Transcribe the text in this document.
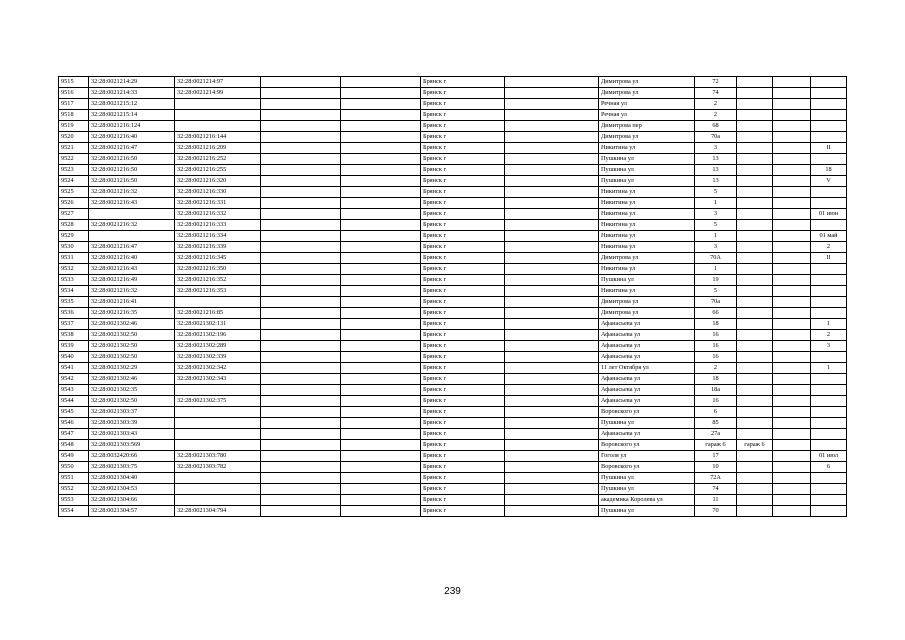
9515	32:28:0021214:29	32:28:0021214:97			Брянск г		Димитрова ул	72			
9516	32:28:0021214:33	32:28:0021214:99			Брянск г		Димитрова ул	74			
9517	32:28:0021215:12				Брянск г		Речная ул	2			
9518	32:28:0021215:14				Брянск г		Речная ул	2			
9519	32:28:0021216:124				Брянск г		Димитрова пер	68			
9520	32:28:0021216:40	32:28:0021216:144			Брянск г		Димитрова ул	70а			
9521	32:28:0021216:47	32:28:0021216:209			Брянск г		Никитина ул	3			II
9522	32:28:0021216:50	32:28:0021216:252			Брянск г		Пушкина ул	13			
9523	32:28:0021216:50	32:28:0021216:255			Брянск г		Пушкина ул	13			18
9524	32:28:0021216:50	32:28:0021216:320			Брянск г		Пушкина ул	13			V
9525	32:28:0021216:32	32:28:0021216:330			Брянск г		Никитина ул	5			
9526	32:28:0021216:43	32:28:0021216:331			Брянск г		Никитина ул	1			
9527		32:28:0021216:332			Брянск г		Никитина ул	3			01 июн
9528	32:28:0021216:32	32:28:0021216:333			Брянск г		Никитина ул	5			
9529		32:28:0021216:334			Брянск г		Никитина ул	1			01 май
9530	32:28:0021216:47	32:28:0021216:339			Брянск г		Никитина ул	3			2
9531	32:28:0021216:40	32:28:0021216:345			Брянск г		Димитрова ул	70А			II
9532	32:28:0021216:43	32:28:0021216:350			Брянск г		Никитина ул	1			
9533	32:28:0021216:49	32:28:0021216:352			Брянск г		Пушкина ул	19			
9534	32:28:0021216:32	32:28:0021216:353			Брянск г		Никитина ул	5			
9535	32:28:0021216:41				Брянск г		Димитрова ул	70а			
9536	32:28:0021216:35	32:28:0021216:85			Брянск г		Димитрова ул	66			
9537	32:28:0021302:46	32:28:0021302:131			Брянск г		Афанасьева ул	18			1
9538	32:28:0021302:50	32:28:0021302:196			Брянск г		Афанасьева ул	16			2
9539	32:28:0021302:50	32:28:0021302:289			Брянск г		Афанасьева ул	16			3
9540	32:28:0021302:50	32:28:0021302:339			Брянск г		Афанасьева ул	16			
9541	32:28:0021302:29	32:28:0021302:342			Брянск г		11 лет Октября ул	2			1
9542	32:28:0021302:46	32:28:0021302:343			Брянск г		Афанасьева ул	18			
9543	32:28:0021302:35				Брянск г		Афанасьева ул	18а			
9544	32:28:0021302:50	32:28:0021302:375			Брянск г		Афанасьева ул	16			
9545	32:28:0021303:37				Брянск г		Воровского ул	6			
9546	32:28:0021303:39				Брянск г		Пушкина ул	85			
9547	32:28:0021303:43				Брянск г		Афанасьева ул	27а			
9548	32:28:0021303:569				Брянск г		Воровского ул	гараж 6	гараж 6		
9549	32:28:0032420:66	32:28:0021303:780			Брянск г		Гоголя ул	17			01 июл
9550	32:28:0021303:75	32:28:0021303:782			Брянск г		Воровского ул	10			6
9551	32:28:0021304:40				Брянск г		Пушкина ул	72А			
9552	32:28:0021304:53				Брянск г		Пушкина ул	74			
9553	32:28:0021304:66				Брянск г		академика Королева ул	11			
9554	32:28:0021304:57	32:28:0021304:794			Брянск г		Пушкина ул	70			
239
